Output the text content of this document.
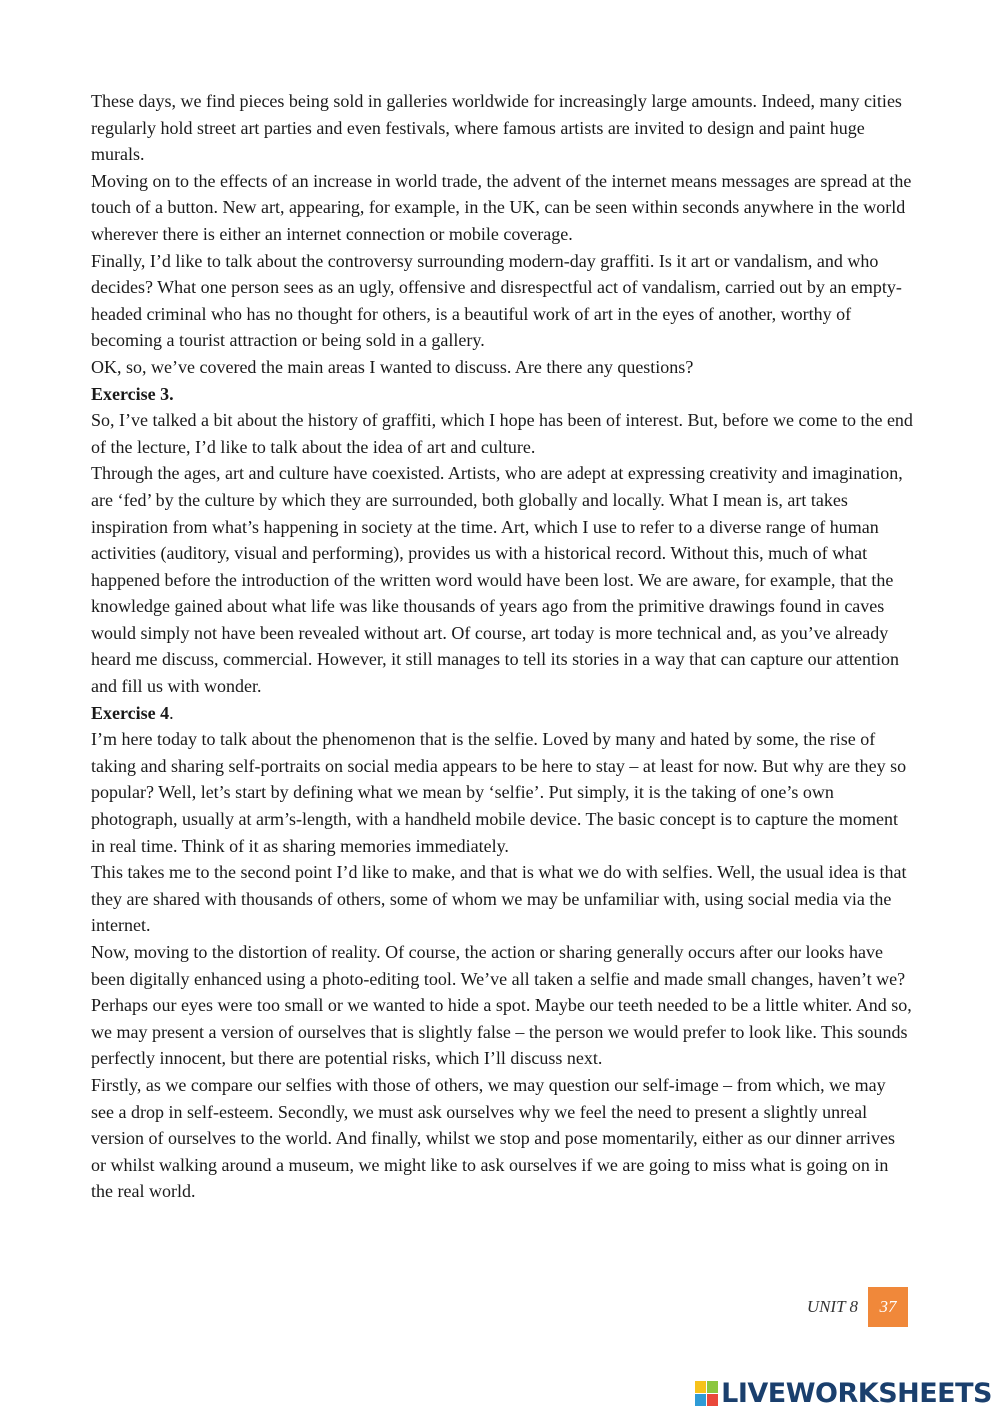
These days, we find pieces being sold in galleries worldwide for increasingly large amounts. Indeed, many cities regularly hold street art parties and even festivals, where famous artists are invited to design and paint huge murals.

Moving on to the effects of an increase in world trade, the advent of the internet means messages are spread at the touch of a button. New art, appearing, for example, in the UK, can be seen within seconds anywhere in the world wherever there is either an internet connection or mobile coverage.

Finally, I’d like to talk about the controversy surrounding modern-day graffiti. Is it art or vandalism, and who decides? What one person sees as an ugly, offensive and disrespectful act of vandalism, carried out by an empty-headed criminal who has no thought for others, is a beautiful work of art in the eyes of another, worthy of becoming a tourist attraction or being sold in a gallery.

OK, so, we’ve covered the main areas I wanted to discuss. Are there any questions?

Exercise 3.

So, I’ve talked a bit about the history of graffiti, which I hope has been of interest. But, before we come to the end of the lecture, I’d like to talk about the idea of art and culture.

Through the ages, art and culture have coexisted. Artists, who are adept at expressing creativity and imagination, are ‘fed’ by the culture by which they are surrounded, both globally and locally. What I mean is, art takes inspiration from what’s happening in society at the time. Art, which I use to refer to a diverse range of human activities (auditory, visual and performing), provides us with a historical record. Without this, much of what happened before the introduction of the written word would have been lost. We are aware, for example, that the knowledge gained about what life was like thousands of years ago from the primitive drawings found in caves would simply not have been revealed without art. Of course, art today is more technical and, as you’ve already heard me discuss, commercial. However, it still manages to tell its stories in a way that can capture our attention and fill us with wonder.

Exercise 4.

I’m here today to talk about the phenomenon that is the selfie. Loved by many and hated by some, the rise of taking and sharing self-portraits on social media appears to be here to stay – at least for now. But why are they so popular? Well, let’s start by defining what we mean by ‘selfie’. Put simply, it is the taking of one’s own photograph, usually at arm’s-length, with a handheld mobile device. The basic concept is to capture the moment in real time. Think of it as sharing memories immediately.

This takes me to the second point I’d like to make, and that is what we do with selfies. Well, the usual idea is that they are shared with thousands of others, some of whom we may be unfamiliar with, using social media via the internet.

Now, moving to the distortion of reality. Of course, the action or sharing generally occurs after our looks have been digitally enhanced using a photo-editing tool. We’ve all taken a selfie and made small changes, haven’t we? Perhaps our eyes were too small or we wanted to hide a spot. Maybe our teeth needed to be a little whiter. And so, we may present a version of ourselves that is slightly false – the person we would prefer to look like. This sounds perfectly innocent, but there are potential risks, which I’ll discuss next.

Firstly, as we compare our selfies with those of others, we may question our self-image – from which, we may see a drop in self-esteem. Secondly, we must ask ourselves why we feel the need to present a slightly unreal version of ourselves to the world. And finally, whilst we stop and pose momentarily, either as our dinner arrives or whilst walking around a museum, we might like to ask ourselves if we are going to miss what is going on in the real world.

UNIT 8	37
LIVEWORKSHEETS
